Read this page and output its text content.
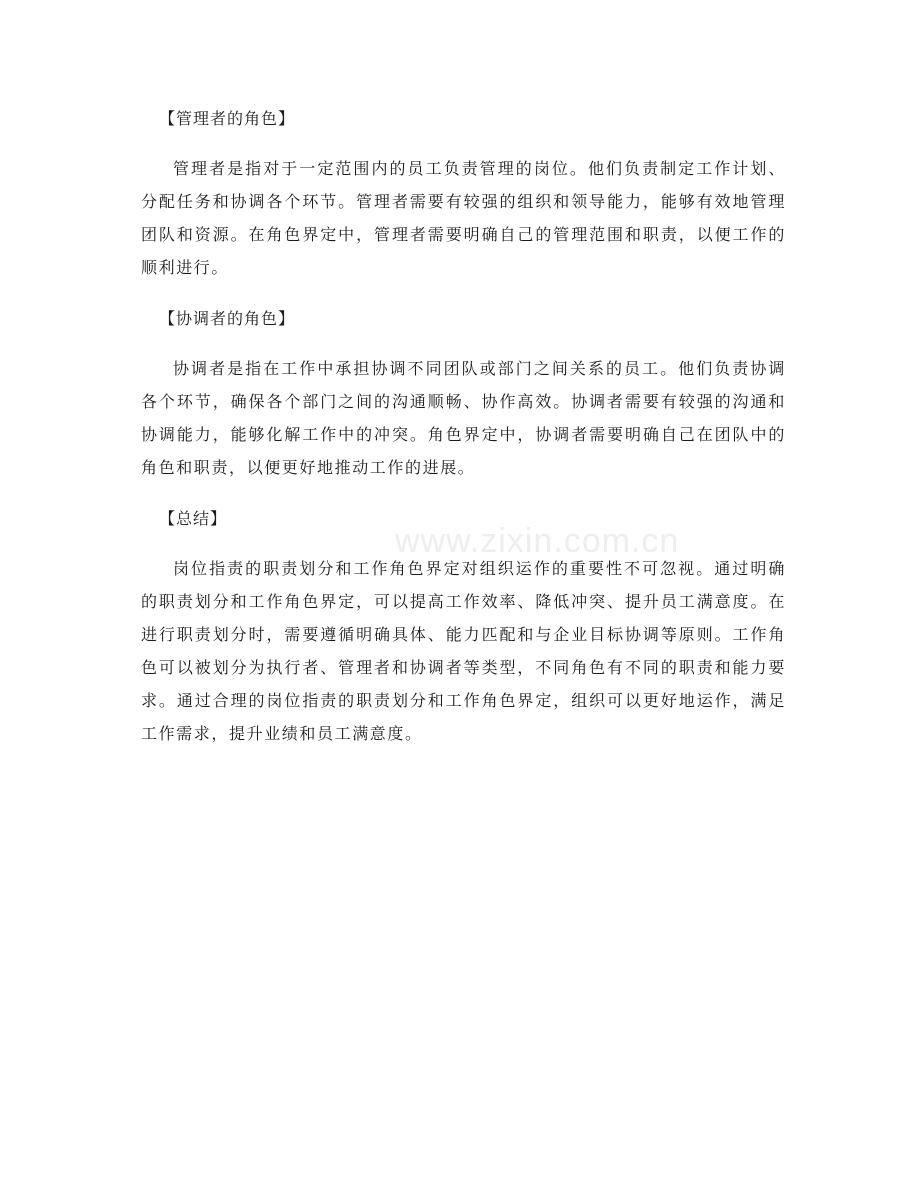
www.zixin.com.cn

【管理者的角色】

管理者是指对于一定范围内的员工负责管理的岗位。他们负责制定工作计划、分配任务和协调各个环节。管理者需要有较强的组织和领导能力，能够有效地管理团队和资源。在角色界定中，管理者需要明确自己的管理范围和职责，以便工作的顺利进行。

【协调者的角色】

协调者是指在工作中承担协调不同团队或部门之间关系的员工。他们负责协调各个环节，确保各个部门之间的沟通顺畅、协作高效。协调者需要有较强的沟通和协调能力，能够化解工作中的冲突。角色界定中，协调者需要明确自己在团队中的角色和职责，以便更好地推动工作的进展。

【总结】

岗位指责的职责划分和工作角色界定对组织运作的重要性不可忽视。通过明确的职责划分和工作角色界定，可以提高工作效率、降低冲突、提升员工满意度。在进行职责划分时，需要遵循明确具体、能力匹配和与企业目标协调等原则。工作角色可以被划分为执行者、管理者和协调者等类型，不同角色有不同的职责和能力要求。通过合理的岗位指责的职责划分和工作角色界定，组织可以更好地运作，满足工作需求，提升业绩和员工满意度。
